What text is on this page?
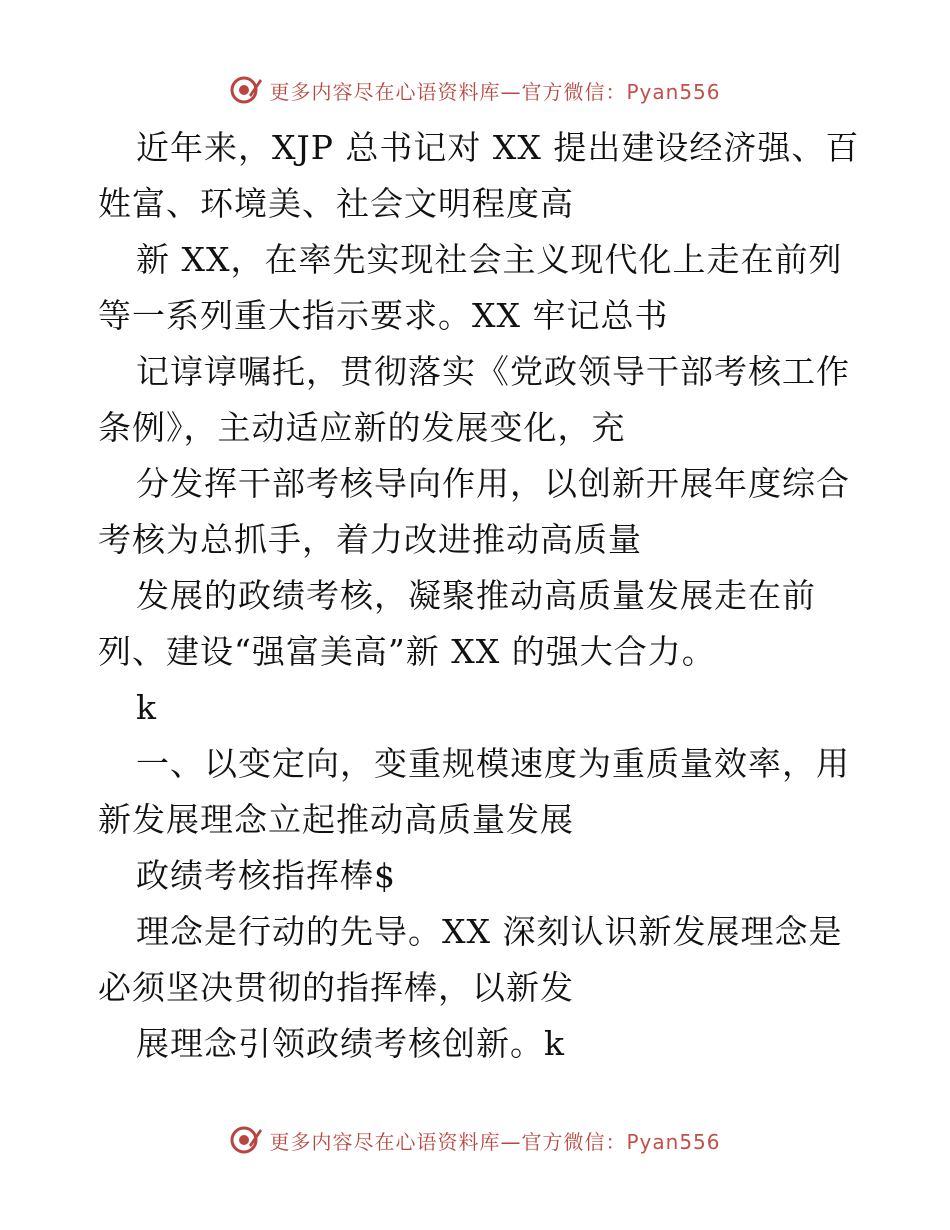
更多内容尽在心语资料库—官方微信：Pyan556
近年来，XJP 总书记对 XX 提出建设经济强、百
姓富、环境美、社会文明程度高
新 XX，在率先实现社会主义现代化上走在前列
等一系列重大指示要求。XX 牢记总书
记谆谆嘱托，贯彻落实《党政领导干部考核工作
条例》，主动适应新的发展变化，充
分发挥干部考核导向作用，以创新开展年度综合
考核为总抓手，着力改进推动高质量
发展的政绩考核，凝聚推动高质量发展走在前
列、建设“强富美高”新 XX 的强大合力。
k
一、以变定向，变重规模速度为重质量效率，用
新发展理念立起推动高质量发展
政绩考核指挥棒$
理念是行动的先导。XX 深刻认识新发展理念是
必须坚决贯彻的指挥棒，以新发
展理念引领政绩考核创新。k
更多内容尽在心语资料库—官方微信：Pyan556
